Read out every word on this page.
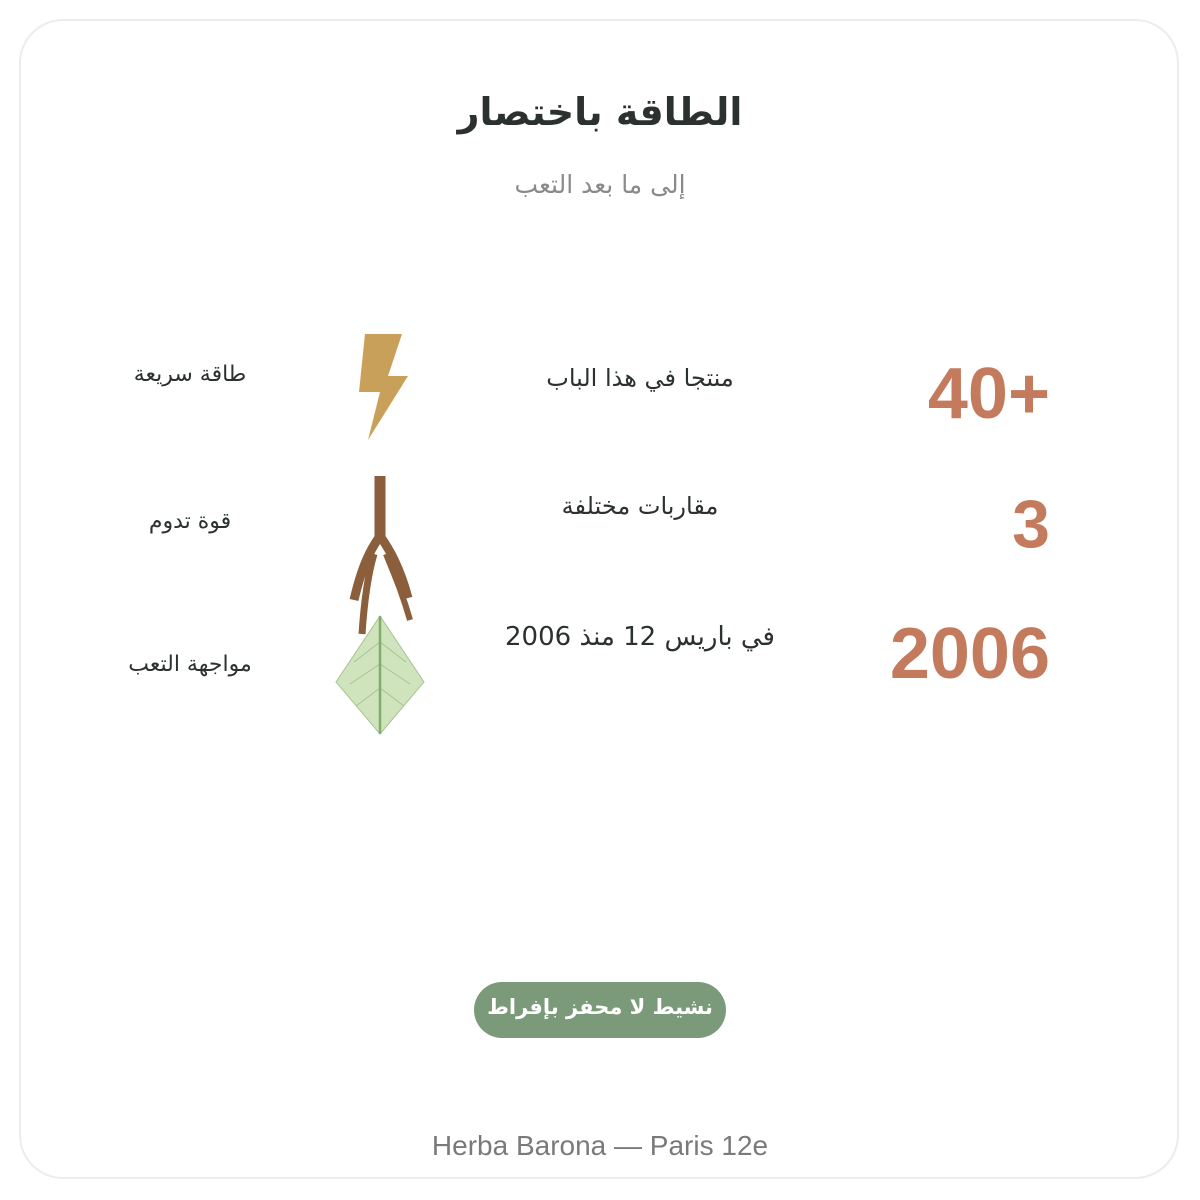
الطاقة باختصار
إلى ما بعد التعب
40+
منتجا في هذا الباب
3
مقاربات مختلفة
2006
في باريس 12 منذ 2006
طاقة سريعة
قوة تدوم
مواجهة التعب
نشيط لا محفز بإفراط
Herba Barona — Paris 12e
